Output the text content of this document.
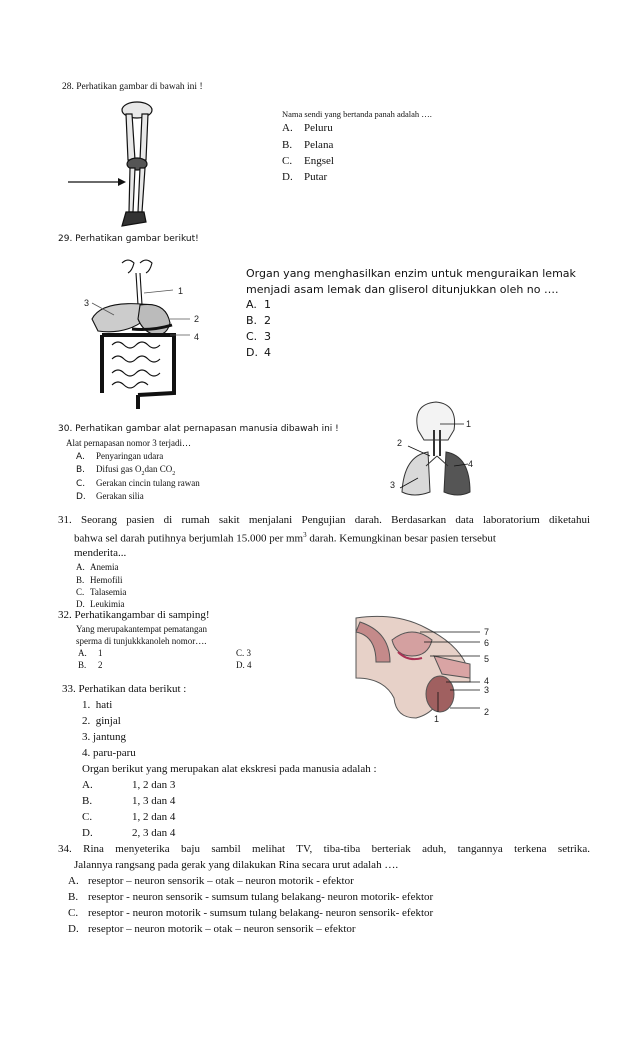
28. Perhatikan gambar di bawah ini !
Nama sendi yang bertanda panah adalah ….
A. Peluru
B. Pelana
C. Engsel
D. Putar
29. Perhatikan gambar berikut!
1
2
3
4
Organ yang menghasilkan enzim untuk menguraikan lemak
menjadi asam lemak dan gliserol ditunjukkan oleh no ….
A. 1
B. 2
C. 3
D. 4
30. Perhatikan gambar alat pernapasan manusia dibawah ini !
Alat pernapasan nomor 3 terjadi…
A. Penyaringan udara
B. Difusi gas $O_2dan$ $CO_2$
C. Gerakan cincin tulang rawan
D. Gerakan silia
1
2
3
4
31. Seorang pasien di rumah sakit menjalani Pengujian darah. Berdasarkan data laboratorium diketahui
bahwa sel darah putihnya berjumlah 15.000 per $mm^3$ darah. Kemungkinan besar pasien tersebut
menderita...
A. Anemia
B. Hemofili
C. Talasemia
D. Leukimia
32. Perhatikangambar di samping!
Yang merupakantempat pematangan
sperma di tunjukkkanoleh nomor….
A. 1	C. 3
B. 2	D. 4
7
6
5
4
3
2
1
33. Perhatikan data berikut :
1.  hati
2.  ginjal
3. jantung
4. paru-paru
Organ berikut yang merupakan alat ekskresi pada manusia adalah :
A.	1, 2 dan 3
B.	1, 3 dan 4
C.	1, 2 dan 4
D.	2, 3 dan 4
34. Rina menyeterika baju sambil melihat TV, tiba-tiba berteriak aduh, tangannya terkena setrika.
Jalannya rangsang pada gerak yang dilakukan Rina secara urut adalah ….
A. reseptor – neuron sensorik – otak – neuron motorik - efektor
B. reseptor - neuron sensorik - sumsum tulang belakang- neuron motorik- efektor
C. reseptor - neuron motorik - sumsum tulang belakang- neuron sensorik- efektor
D. reseptor – neuron motorik – otak – neuron sensorik – efektor
